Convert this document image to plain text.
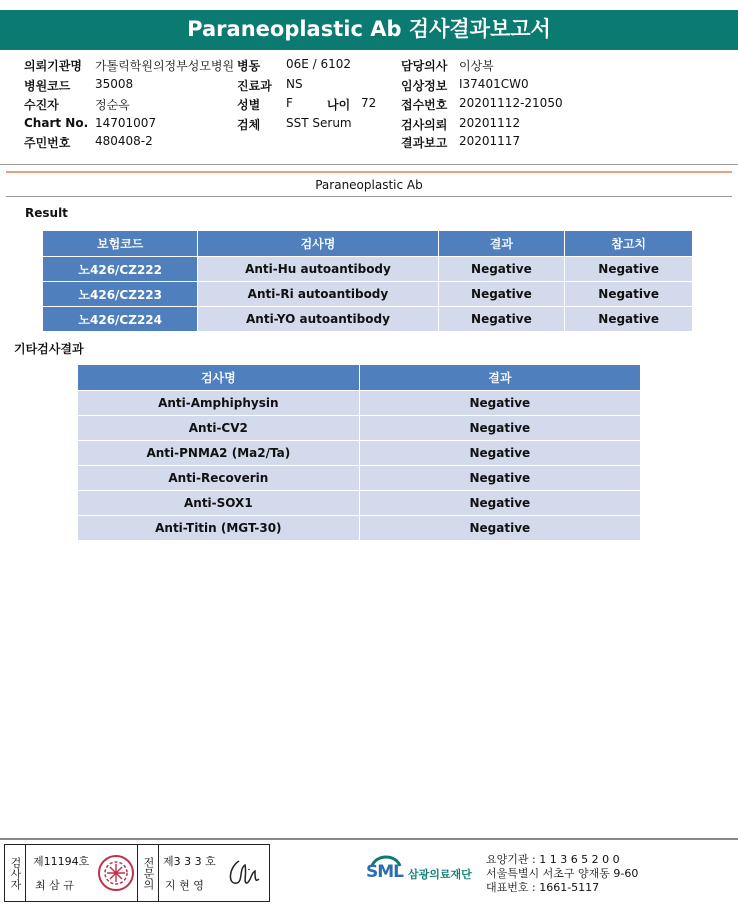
Paraneoplastic Ab 검사결과보고서
의뢰기관명 가톨릭학원의정부성모병원
병원코드 35008
수진자	정순옥
Chart No. 14701007
주민번호 480408-2
병동 06E / 6102
진료과 NS
성별 F	나이 72
검체 SST Serum
담당의사 이상복
임상정보 I37401CW0
접수번호 20201112-21050
검사의뢰 20201112
결과보고 20201117
Paraneoplastic Ab
Result
보험코드	검사명	결과	참고치
노426/CZ222	Anti-Hu autoantibody	Negative	Negative
노426/CZ223	Anti-Ri autoantibody	Negative	Negative
노426/CZ224	Anti-YO autoantibody	Negative	Negative
기타검사결과
검사명	결과
Anti-Amphiphysin	Negative
Anti-CV2	Negative
Anti-PNMA2 (Ma2/Ta)	Negative
Anti-Recoverin	Negative
Anti-SOX1	Negative
Anti-Titin (MGT-30)	Negative
검사자	제11194호
최 삼 규	전문의 제3 3 3 호
지 현 영
SML 삼광의료재단
요양기관 : 1 1 3 6 5 2 0 0
서울특별시 서초구 양재동 9-60
대표번호 : 1661-5117
